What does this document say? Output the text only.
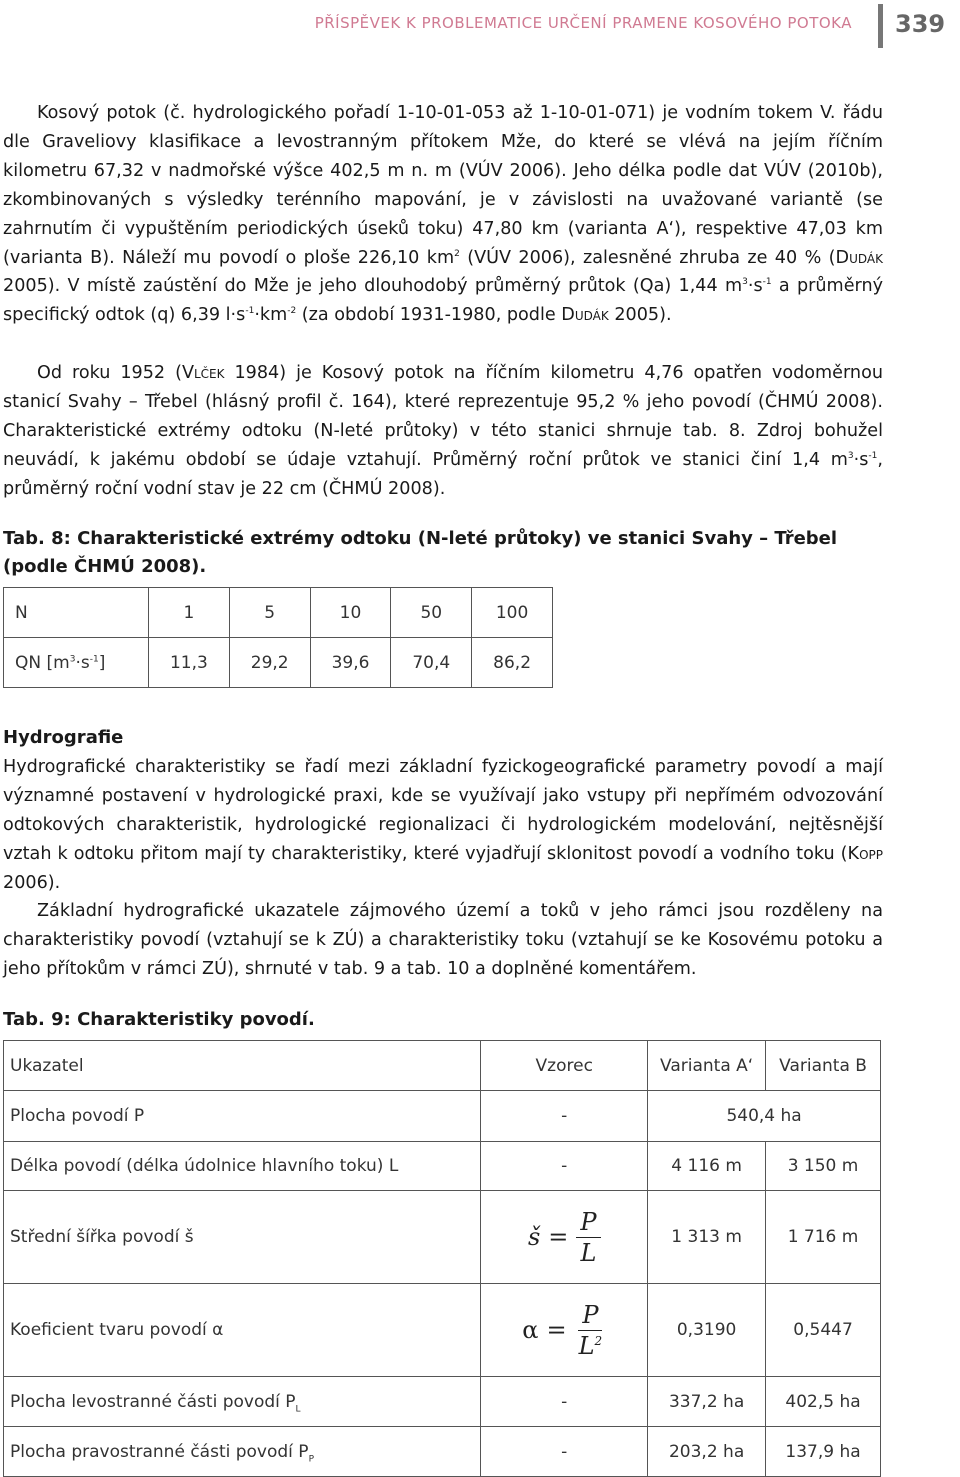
PŘÍSPĚVEK K PROBLEMATICE URČENÍ PRAMENE KOSOVÉHO POTOKA 339

Kosový potok (č. hydrologického pořadí 1-10-01-053 až 1-10-01-071) je vodním tokem V. řádu dle Graveliovy klasifikace a levostranným přítokem Mže, do které se vlévá na jejím říčním kilometru 67,32 v nadmořské výšce 402,5 m n. m (VÚV 2006). Jeho délka podle dat VÚV (2010b), zkombinovaných s výsledky terénního mapování, je v závislosti na uvažované variantě (se zahrnutím či vypuštěním periodických úseků toku) 47,80 km (varianta A‘), respektive 47,03 km (varianta B). Náleží mu povodí o ploše 226,10 $km^2$ (VÚV 2006), zalesněné zhruba ze 40 % (Dudák 2005). V místě zaústění do Mže je jeho dlouhodobý průměrný průtok (Qa) 1,44 $m^3\cdot s^{-1}$ a průměrný specifický odtok (q) 6,39 $l\cdot s^{-1}\cdot km^{-2}$ (za období 1931-1980, podle Dudák 2005).

Od roku 1952 (Vlček 1984) je Kosový potok na říčním kilometru 4,76 opatřen vodoměrnou stanicí Svahy – Třebel (hlásný profil č. 164), které reprezentuje 95,2 % jeho povodí (ČHMÚ 2008). Charakteristické extrémy odtoku (N-leté průtoky) v této stanici shrnuje tab. 8. Zdroj bohužel neuvádí, k jakému období se údaje vztahují. Průměrný roční průtok ve stanici činí 1,4 $m^3\cdot s^{-1}$, průměrný roční vodní stav je 22 cm (ČHMÚ 2008).

Tab. 8: Charakteristické extrémy odtoku (N-leté průtoky) ve stanici Svahy – Třebel (podle ČHMÚ 2008).

N	1	5	10	50	100
QN $[m^3\cdot s^{-1}]$	11,3	29,2	39,6	70,4	86,2

Hydrografie

Hydrografické charakteristiky se řadí mezi základní fyzickogeografické parametry povodí a mají významné postavení v hydrologické praxi, kde se využívají jako vstupy při nepřímém odvozování odtokových charakteristik, hydrologické regionalizaci či hydrologickém modelování, nejtěsnější vztah k odtoku přitom mají ty charakteristiky, které vyjadřují sklonitost povodí a vodního toku (Kopp 2006).

Základní hydrografické ukazatele zájmového území a toků v jeho rámci jsou rozděleny na charakteristiky povodí (vztahují se k ZÚ) a charakteristiky toku (vztahují se ke Kosovému potoku a jeho přítokům v rámci ZÚ), shrnuté v tab. 9 a tab. 10 a doplněné komentářem.

Tab. 9: Charakteristiky povodí.

Ukazatel	Vzorec	Varianta A‘	Varianta B
Plocha povodí P	-	540,4 ha	
Délka povodí (délka údolnice hlavního toku) L	-	4 116 m	3 150 m
Střední šířka povodí š	š = $\frac{P}{L}$	1 313 m	1 716 m
Koeficient tvaru povodí α	$\alpha = \frac{P}{L^2}$	0,3190	0,5447
Plocha levostranné části povodí $P_L$	-	337,2 ha	402,5 ha
Plocha pravostranné části povodí $P_P$	-	203,2 ha	137,9 ha
